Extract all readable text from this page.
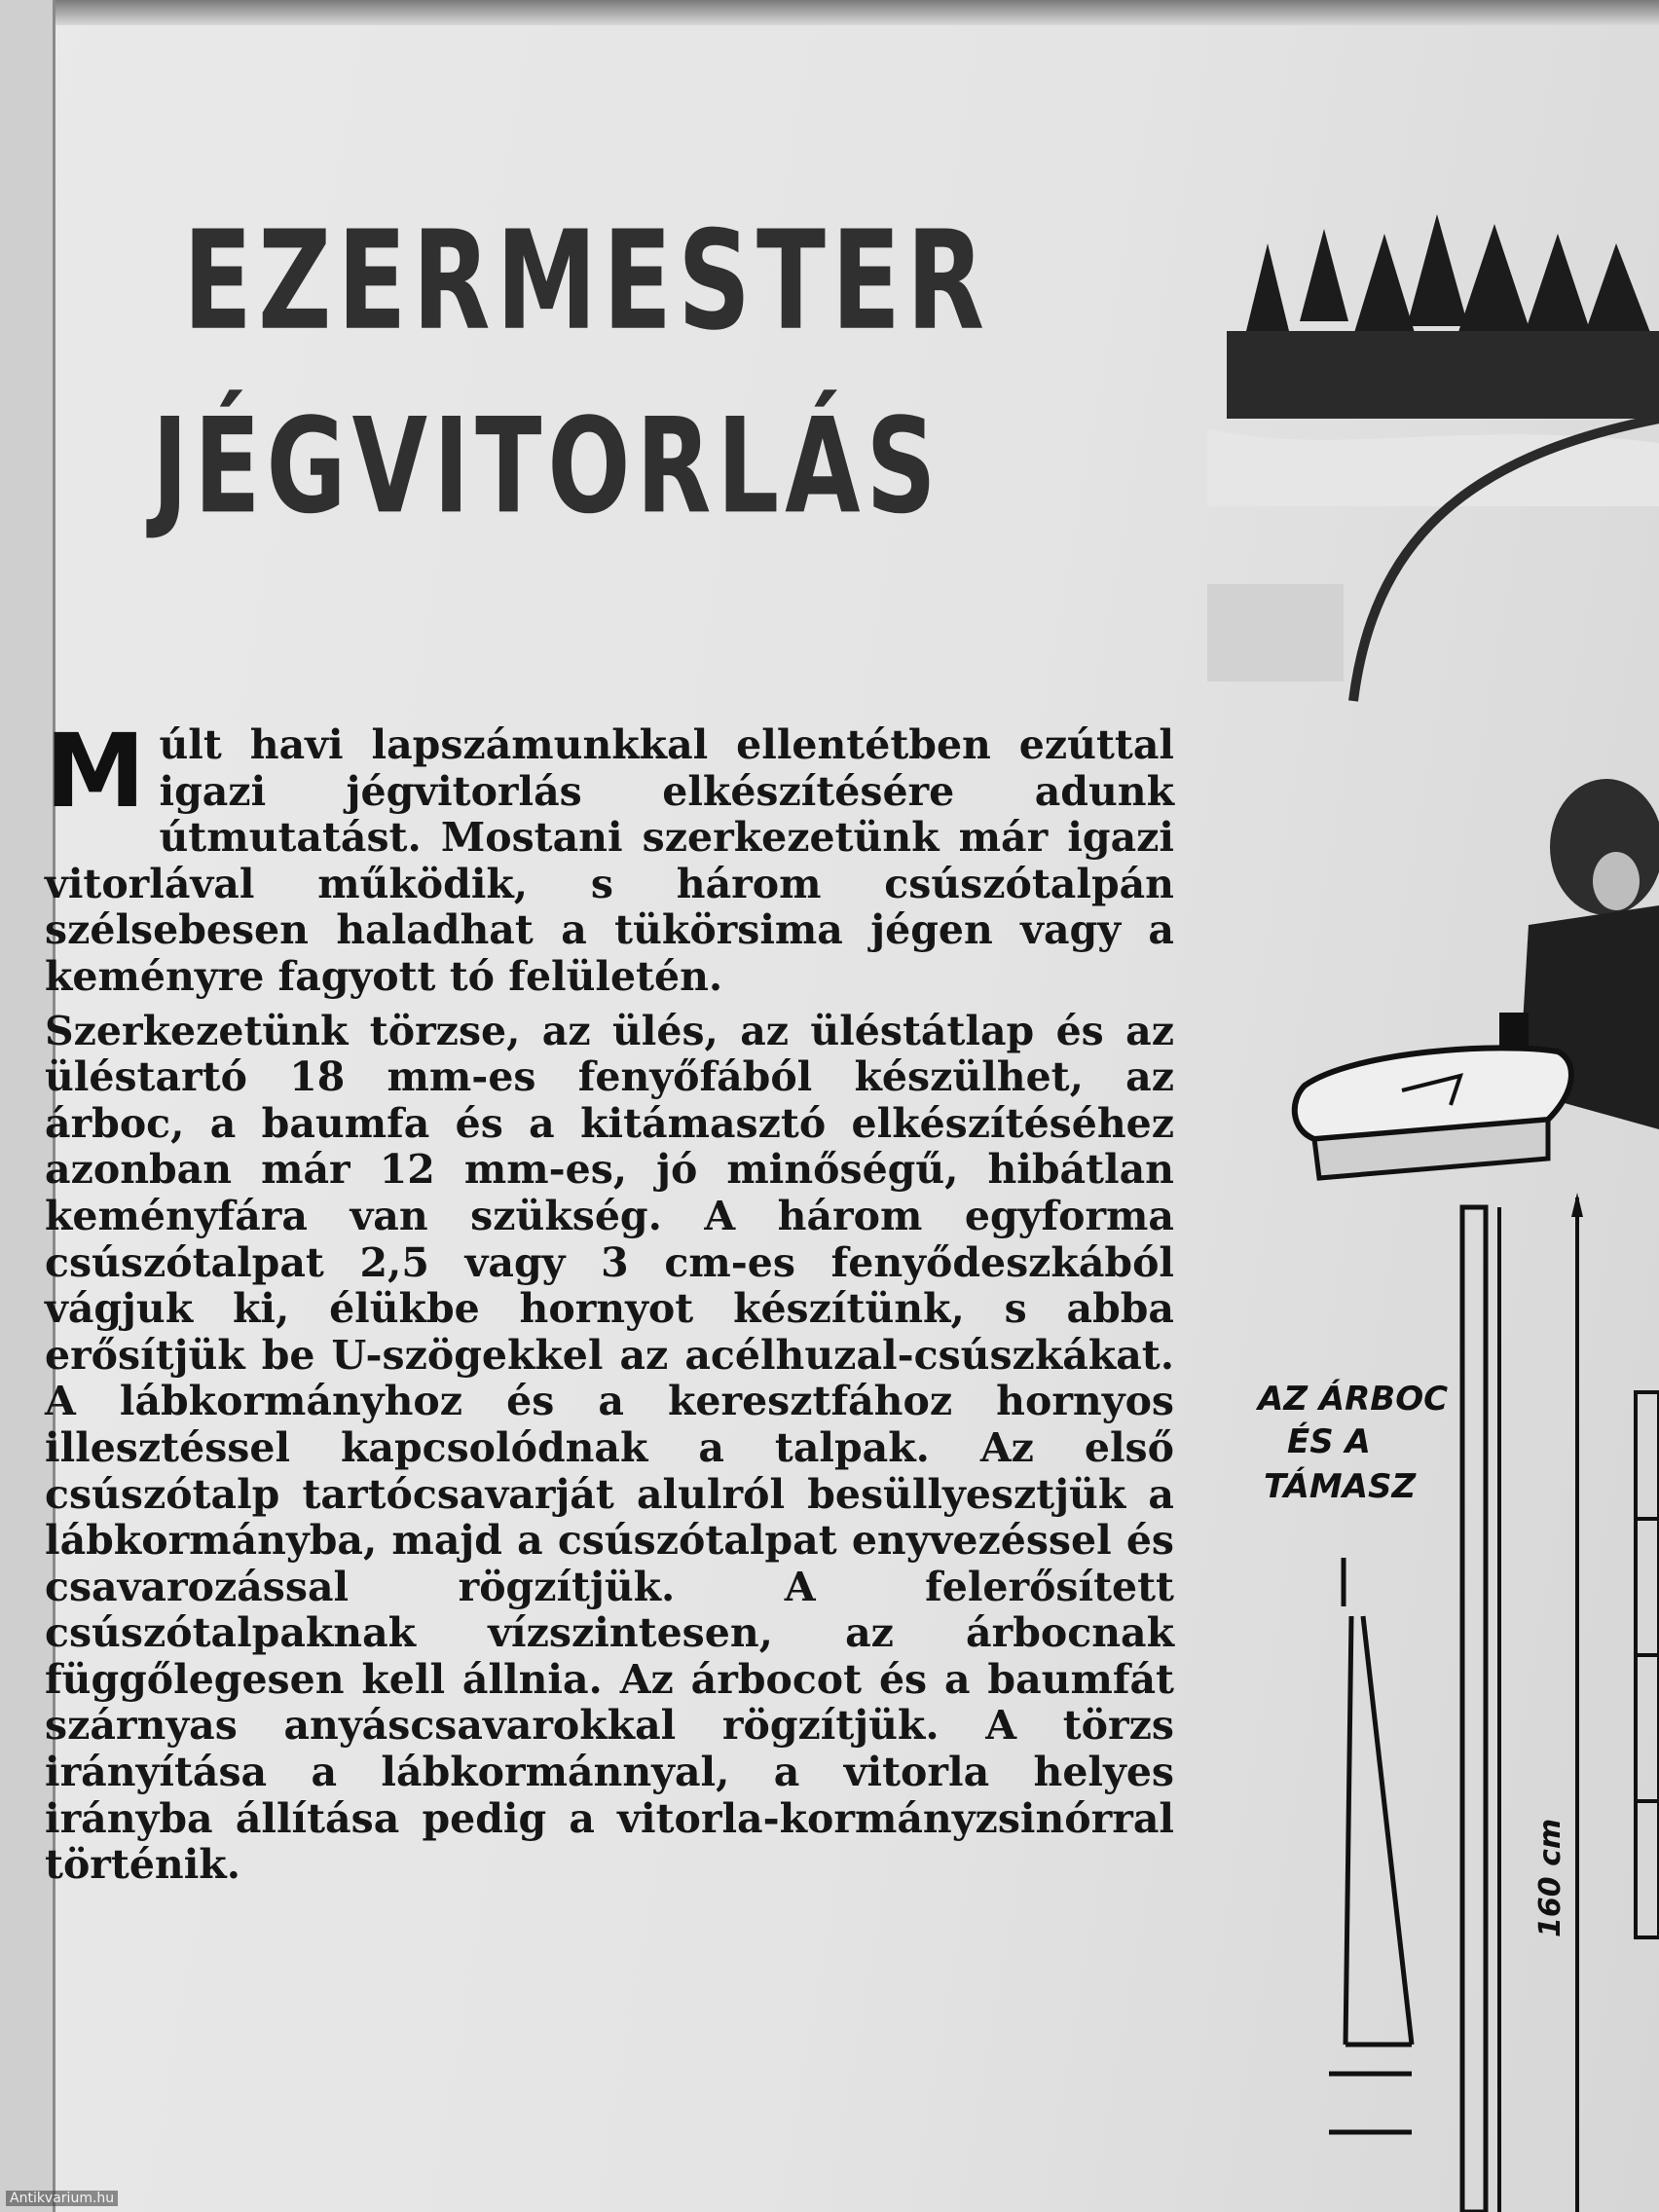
EZERMESTER
JÉGVITORLÁS

Múlt havi lapszámunkkal ellentétben ezúttal igazi jégvitorlás elkészítésére adunk útmutatást. Mostani szerkezetünk már igazi vitorlával működik, s három csúszótalpán szélsebesen haladhat a tükörsima jégen vagy a keményre fagyott tó felületén.

Szerkezetünk törzse, az ülés, az üléstátlap és az üléstartó 18 mm-es fenyőfából készülhet, az árboc, a baumfa és a kitámasztó elkészítéséhez azonban már 12 mm-es, jó minőségű, hibátlan keményfára van szükség. A három egyforma csúszótalpat 2,5 vagy 3 cm-es fenyődeszkából vágjuk ki, élükbe hornyot készítünk, s abba erősítjük be U-szögekkel az acélhuzal-csúszkákat. A lábkormányhoz és a keresztfához hornyos illesztéssel kapcsolódnak a talpak. Az első csúszótalp tartócsavarját alulról besüllyesztjük a lábkormányba, majd a csúszótalpat enyvezéssel és csavarozással rögzítjük. A felerősített csúszótalpaknak vízszintesen, az árbocnak függőlegesen kell állnia. Az árbocot és a baumfát szárnyas anyáscsavarokkal rögzítjük. A törzs irányítása a lábkormánnyal, a vitorla helyes irányba állítása pedig a vitorla-kormányzsinórral történik.

AZ ÁRBOC
ÉS A
TÁMASZ
160 cm
Antikvarium.hu
